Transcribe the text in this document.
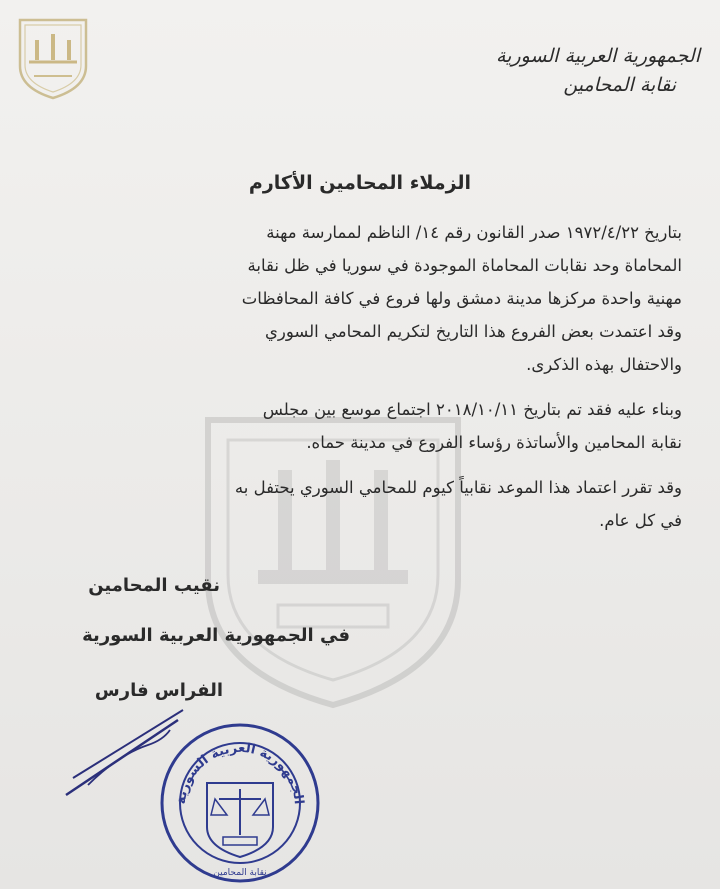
الجمهورية العربية السورية
نقابة المحامين
الزملاء المحامين الأكارم

بتاريخ ١٩٧٢/٤/٢٢ صدر القانون رقم ١٤/ الناظم لممارسة مهنة

المحاماة وحد نقابات المحاماة الموجودة في سوريا في ظل نقابة

مهنية واحدة مركزها مدينة دمشق ولها فروع في كافة المحافظات

وقد اعتمدت بعض الفروع هذا التاريخ لتكريم المحامي السوري

والاحتفال بهذه الذكرى.

وبناء عليه فقد تم بتاريخ ٢٠١٨/١٠/١١ اجتماع موسع بين مجلس

نقابة المحامين والأساتذة رؤساء الفروع في مدينة حماه.

وقد تقرر اعتماد هذا الموعد نقابياً كيوم للمحامي السوري يحتفل به

في كل عام.

نقيب المحامين
في الجمهورية العربية السورية
الفراس فارس
الجمهورية العربية السورية
نقابة المحامين
